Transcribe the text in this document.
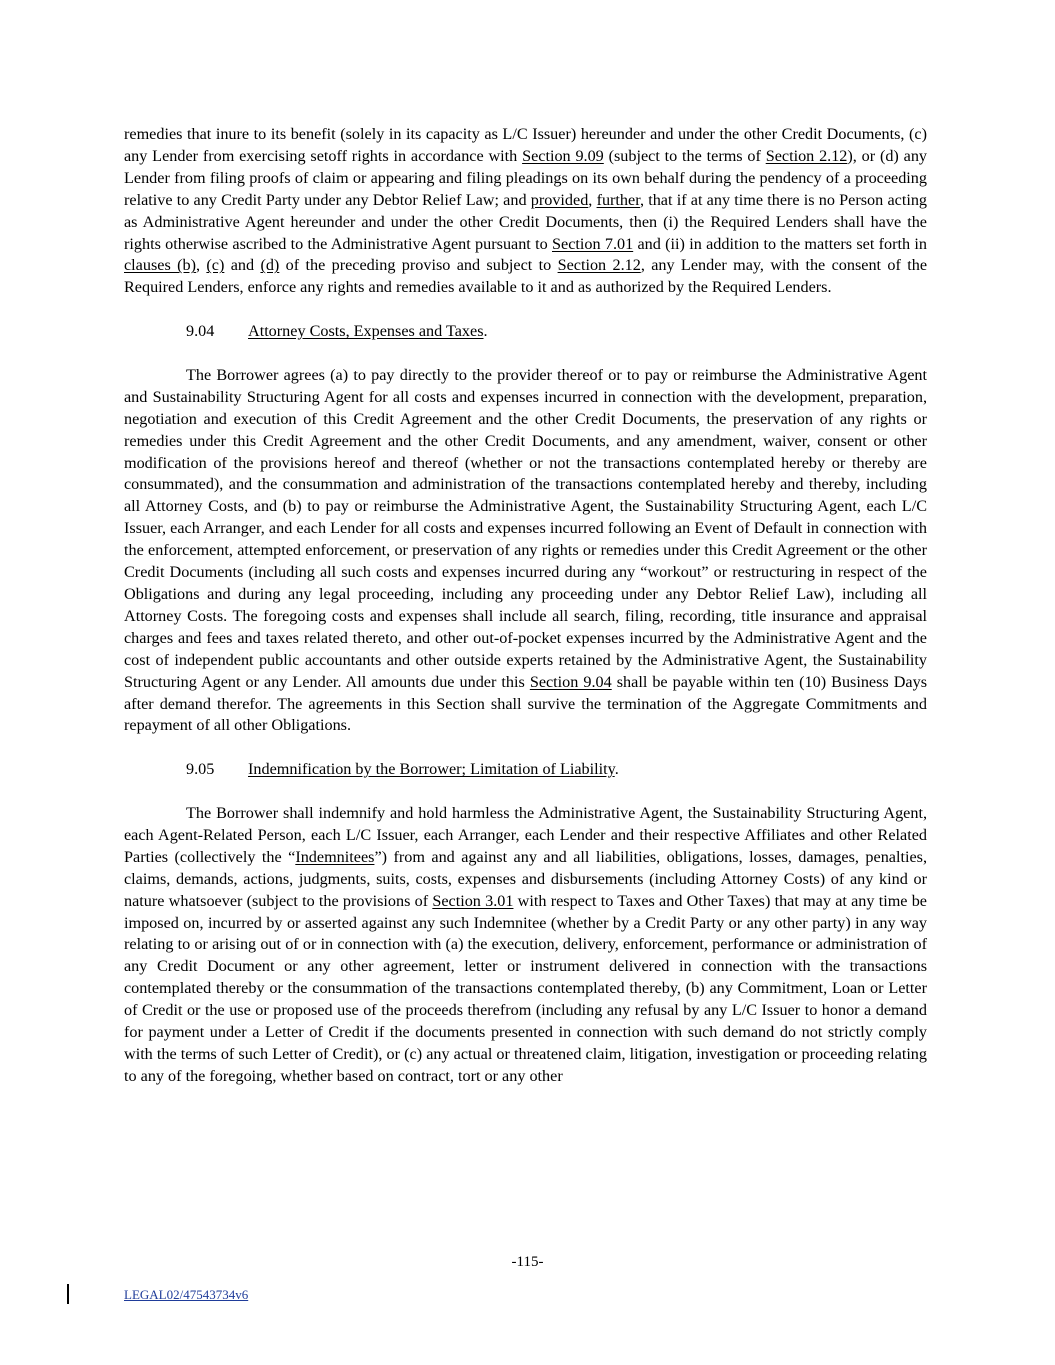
remedies that inure to its benefit (solely in its capacity as L/C Issuer) hereunder and under the other Credit Documents, (c) any Lender from exercising setoff rights in accordance with Section 9.09 (subject to the terms of Section 2.12), or (d) any Lender from filing proofs of claim or appearing and filing pleadings on its own behalf during the pendency of a proceeding relative to any Credit Party under any Debtor Relief Law; and provided, further, that if at any time there is no Person acting as Administrative Agent hereunder and under the other Credit Documents, then (i) the Required Lenders shall have the rights otherwise ascribed to the Administrative Agent pursuant to Section 7.01 and (ii) in addition to the matters set forth in clauses (b), (c) and (d) of the preceding proviso and subject to Section 2.12, any Lender may, with the consent of the Required Lenders, enforce any rights and remedies available to it and as authorized by the Required Lenders.

9.04 Attorney Costs, Expenses and Taxes.

The Borrower agrees (a) to pay directly to the provider thereof or to pay or reimburse the Administrative Agent and Sustainability Structuring Agent for all costs and expenses incurred in connection with the development, preparation, negotiation and execution of this Credit Agreement and the other Credit Documents, the preservation of any rights or remedies under this Credit Agreement and the other Credit Documents, and any amendment, waiver, consent or other modification of the provisions hereof and thereof (whether or not the transactions contemplated hereby or thereby are consummated), and the consummation and administration of the transactions contemplated hereby and thereby, including all Attorney Costs, and (b) to pay or reimburse the Administrative Agent, the Sustainability Structuring Agent, each L/C Issuer, each Arranger, and each Lender for all costs and expenses incurred following an Event of Default in connection with the enforcement, attempted enforcement, or preservation of any rights or remedies under this Credit Agreement or the other Credit Documents (including all such costs and expenses incurred during any “workout” or restructuring in respect of the Obligations and during any legal proceeding, including any proceeding under any Debtor Relief Law), including all Attorney Costs. The foregoing costs and expenses shall include all search, filing, recording, title insurance and appraisal charges and fees and taxes related thereto, and other out-of-pocket expenses incurred by the Administrative Agent and the cost of independent public accountants and other outside experts retained by the Administrative Agent, the Sustainability Structuring Agent or any Lender. All amounts due under this Section 9.04 shall be payable within ten (10) Business Days after demand therefor. The agreements in this Section shall survive the termination of the Aggregate Commitments and repayment of all other Obligations.

9.05 Indemnification by the Borrower; Limitation of Liability.

The Borrower shall indemnify and hold harmless the Administrative Agent, the Sustainability Structuring Agent, each Agent-Related Person, each L/C Issuer, each Arranger, each Lender and their respective Affiliates and other Related Parties (collectively the “Indemnitees”) from and against any and all liabilities, obligations, losses, damages, penalties, claims, demands, actions, judgments, suits, costs, expenses and disbursements (including Attorney Costs) of any kind or nature whatsoever (subject to the provisions of Section 3.01 with respect to Taxes and Other Taxes) that may at any time be imposed on, incurred by or asserted against any such Indemnitee (whether by a Credit Party or any other party) in any way relating to or arising out of or in connection with (a) the execution, delivery, enforcement, performance or administration of any Credit Document or any other agreement, letter or instrument delivered in connection with the transactions contemplated thereby or the consummation of the transactions contemplated thereby, (b) any Commitment, Loan or Letter of Credit or the use or proposed use of the proceeds therefrom (including any refusal by any L/C Issuer to honor a demand for payment under a Letter of Credit if the documents presented in connection with such demand do not strictly comply with the terms of such Letter of Credit), or (c) any actual or threatened claim, litigation, investigation or proceeding relating to any of the foregoing, whether based on contract, tort or any other

-115-
LEGAL02/47543734v6
